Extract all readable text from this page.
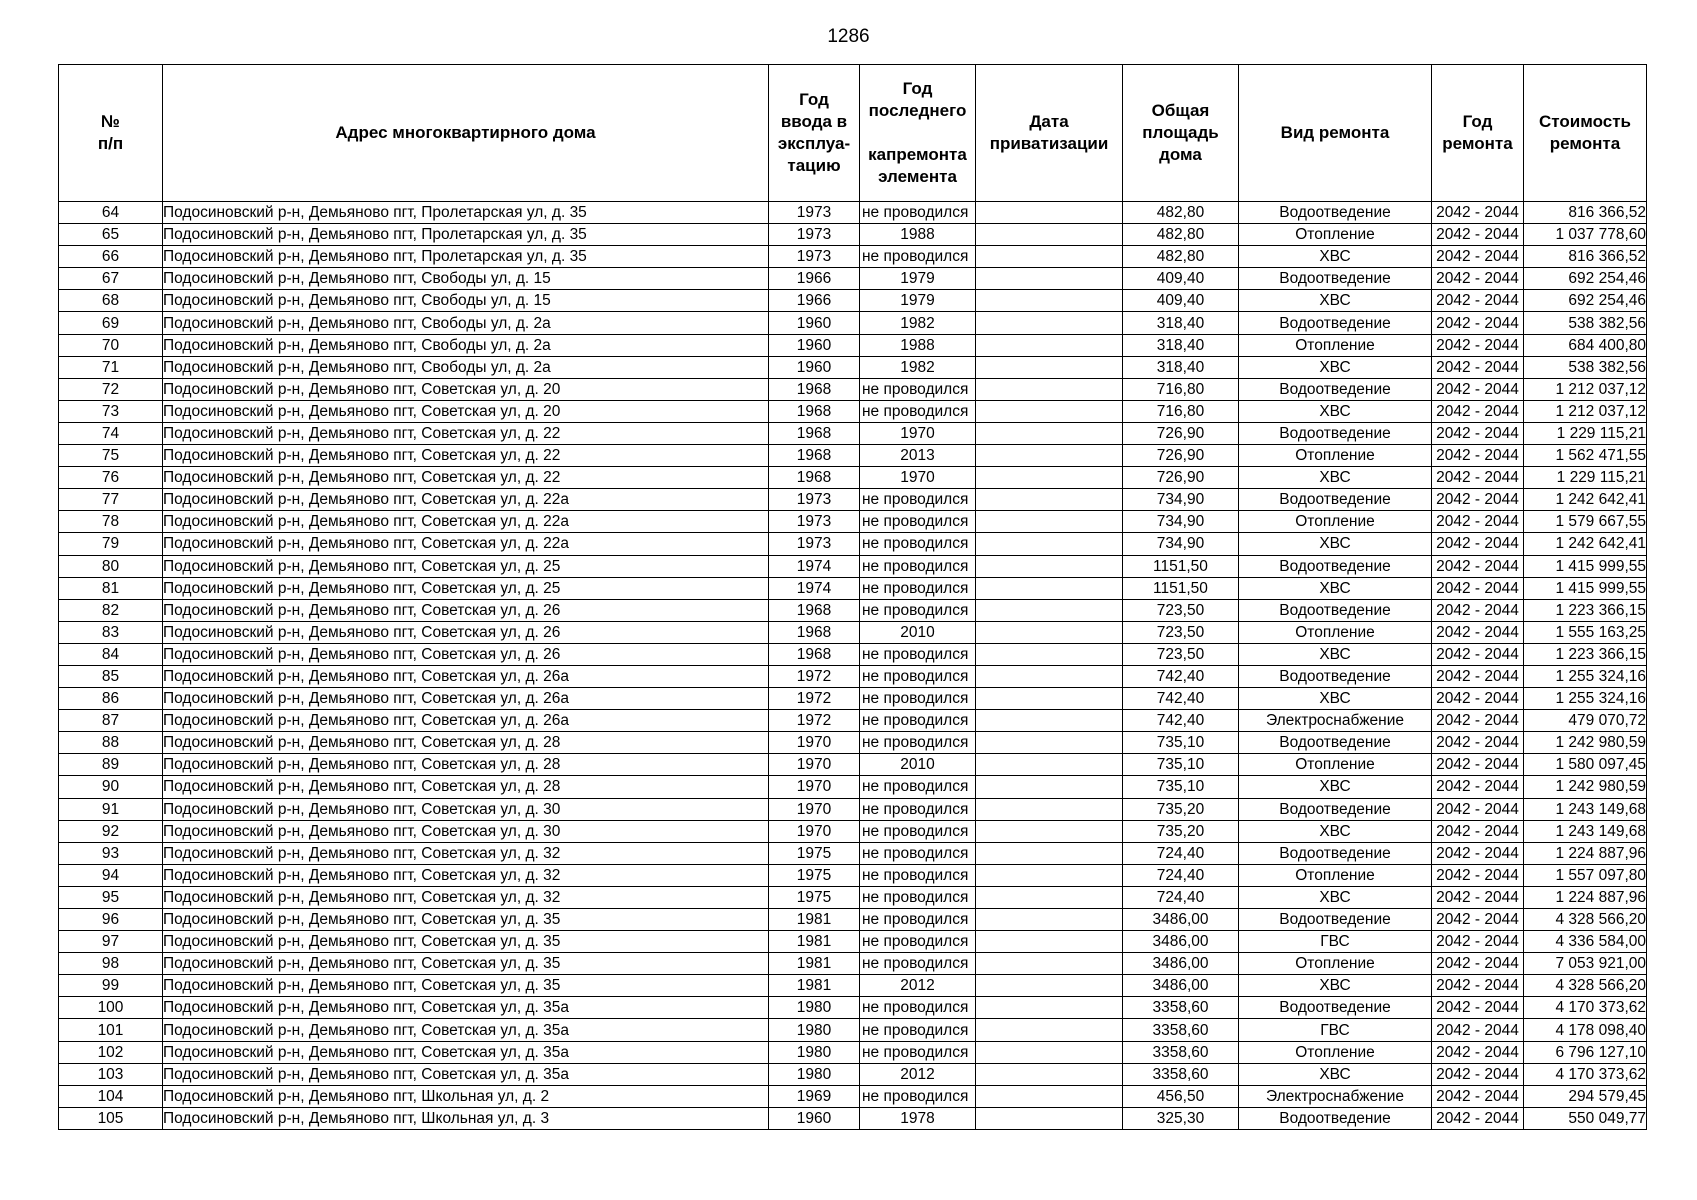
1286
№
п/п	Адрес многоквартирного дома	Год
ввода в
эксплуа-
тацию	Год
последнего

капремонта
элемента	Дата
приватизации	Общая
площадь
дома	Вид ремонта	Год
ремонта	Стоимость
ремонта
64	Подосиновский р-н, Демьяново пгт, Пролетарская ул, д. 35	1973	не проводился		482,80	Водоотведение	2042 - 2044	816 366,52
65	Подосиновский р-н, Демьяново пгт, Пролетарская ул, д. 35	1973	1988		482,80	Отопление	2042 - 2044	1 037 778,60
66	Подосиновский р-н, Демьяново пгт, Пролетарская ул, д. 35	1973	не проводился		482,80	ХВС	2042 - 2044	816 366,52
67	Подосиновский р-н, Демьяново пгт, Свободы ул, д. 15	1966	1979		409,40	Водоотведение	2042 - 2044	692 254,46
68	Подосиновский р-н, Демьяново пгт, Свободы ул, д. 15	1966	1979		409,40	ХВС	2042 - 2044	692 254,46
69	Подосиновский р-н, Демьяново пгт, Свободы ул, д. 2а	1960	1982		318,40	Водоотведение	2042 - 2044	538 382,56
70	Подосиновский р-н, Демьяново пгт, Свободы ул, д. 2а	1960	1988		318,40	Отопление	2042 - 2044	684 400,80
71	Подосиновский р-н, Демьяново пгт, Свободы ул, д. 2а	1960	1982		318,40	ХВС	2042 - 2044	538 382,56
72	Подосиновский р-н, Демьяново пгт, Советская ул, д. 20	1968	не проводился		716,80	Водоотведение	2042 - 2044	1 212 037,12
73	Подосиновский р-н, Демьяново пгт, Советская ул, д. 20	1968	не проводился		716,80	ХВС	2042 - 2044	1 212 037,12
74	Подосиновский р-н, Демьяново пгт, Советская ул, д. 22	1968	1970		726,90	Водоотведение	2042 - 2044	1 229 115,21
75	Подосиновский р-н, Демьяново пгт, Советская ул, д. 22	1968	2013		726,90	Отопление	2042 - 2044	1 562 471,55
76	Подосиновский р-н, Демьяново пгт, Советская ул, д. 22	1968	1970		726,90	ХВС	2042 - 2044	1 229 115,21
77	Подосиновский р-н, Демьяново пгт, Советская ул, д. 22а	1973	не проводился		734,90	Водоотведение	2042 - 2044	1 242 642,41
78	Подосиновский р-н, Демьяново пгт, Советская ул, д. 22а	1973	не проводился		734,90	Отопление	2042 - 2044	1 579 667,55
79	Подосиновский р-н, Демьяново пгт, Советская ул, д. 22а	1973	не проводился		734,90	ХВС	2042 - 2044	1 242 642,41
80	Подосиновский р-н, Демьяново пгт, Советская ул, д. 25	1974	не проводился		1151,50	Водоотведение	2042 - 2044	1 415 999,55
81	Подосиновский р-н, Демьяново пгт, Советская ул, д. 25	1974	не проводился		1151,50	ХВС	2042 - 2044	1 415 999,55
82	Подосиновский р-н, Демьяново пгт, Советская ул, д. 26	1968	не проводился		723,50	Водоотведение	2042 - 2044	1 223 366,15
83	Подосиновский р-н, Демьяново пгт, Советская ул, д. 26	1968	2010		723,50	Отопление	2042 - 2044	1 555 163,25
84	Подосиновский р-н, Демьяново пгт, Советская ул, д. 26	1968	не проводился		723,50	ХВС	2042 - 2044	1 223 366,15
85	Подосиновский р-н, Демьяново пгт, Советская ул, д. 26а	1972	не проводился		742,40	Водоотведение	2042 - 2044	1 255 324,16
86	Подосиновский р-н, Демьяново пгт, Советская ул, д. 26а	1972	не проводился		742,40	ХВС	2042 - 2044	1 255 324,16
87	Подосиновский р-н, Демьяново пгт, Советская ул, д. 26а	1972	не проводился		742,40	Электроснабжение	2042 - 2044	479 070,72
88	Подосиновский р-н, Демьяново пгт, Советская ул, д. 28	1970	не проводился		735,10	Водоотведение	2042 - 2044	1 242 980,59
89	Подосиновский р-н, Демьяново пгт, Советская ул, д. 28	1970	2010		735,10	Отопление	2042 - 2044	1 580 097,45
90	Подосиновский р-н, Демьяново пгт, Советская ул, д. 28	1970	не проводился		735,10	ХВС	2042 - 2044	1 242 980,59
91	Подосиновский р-н, Демьяново пгт, Советская ул, д. 30	1970	не проводился		735,20	Водоотведение	2042 - 2044	1 243 149,68
92	Подосиновский р-н, Демьяново пгт, Советская ул, д. 30	1970	не проводился		735,20	ХВС	2042 - 2044	1 243 149,68
93	Подосиновский р-н, Демьяново пгт, Советская ул, д. 32	1975	не проводился		724,40	Водоотведение	2042 - 2044	1 224 887,96
94	Подосиновский р-н, Демьяново пгт, Советская ул, д. 32	1975	не проводился		724,40	Отопление	2042 - 2044	1 557 097,80
95	Подосиновский р-н, Демьяново пгт, Советская ул, д. 32	1975	не проводился		724,40	ХВС	2042 - 2044	1 224 887,96
96	Подосиновский р-н, Демьяново пгт, Советская ул, д. 35	1981	не проводился		3486,00	Водоотведение	2042 - 2044	4 328 566,20
97	Подосиновский р-н, Демьяново пгт, Советская ул, д. 35	1981	не проводился		3486,00	ГВС	2042 - 2044	4 336 584,00
98	Подосиновский р-н, Демьяново пгт, Советская ул, д. 35	1981	не проводился		3486,00	Отопление	2042 - 2044	7 053 921,00
99	Подосиновский р-н, Демьяново пгт, Советская ул, д. 35	1981	2012		3486,00	ХВС	2042 - 2044	4 328 566,20
100	Подосиновский р-н, Демьяново пгт, Советская ул, д. 35а	1980	не проводился		3358,60	Водоотведение	2042 - 2044	4 170 373,62
101	Подосиновский р-н, Демьяново пгт, Советская ул, д. 35а	1980	не проводился		3358,60	ГВС	2042 - 2044	4 178 098,40
102	Подосиновский р-н, Демьяново пгт, Советская ул, д. 35а	1980	не проводился		3358,60	Отопление	2042 - 2044	6 796 127,10
103	Подосиновский р-н, Демьяново пгт, Советская ул, д. 35а	1980	2012		3358,60	ХВС	2042 - 2044	4 170 373,62
104	Подосиновский р-н, Демьяново пгт, Школьная ул, д. 2	1969	не проводился		456,50	Электроснабжение	2042 - 2044	294 579,45
105	Подосиновский р-н, Демьяново пгт, Школьная ул, д. 3	1960	1978		325,30	Водоотведение	2042 - 2044	550 049,77
